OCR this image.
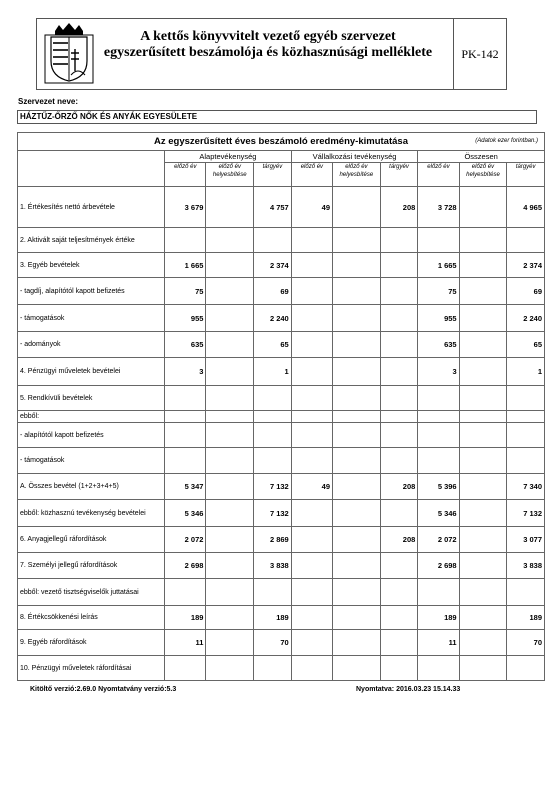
A kettős könyvvitelt vezető egyéb szervezet
egyszerűsített beszámolója és közhasznúsági melléklete	PK-142
Szervezet neve:
HÁZTŰZ-ŐRZŐ NŐK ÉS ANYÁK EGYESÜLETE
Az egyszerűsített éves beszámoló eredmény-kimutatása (Adatok ezer forintban.)									

	Alaptevékenység			Vállalkozási tevékenység			Összesen		
	előző év	előző év helyesbítése	tárgyév	előző év	előző év helyesbítése	tárgyév	előző év	előző év helyesbítése	tárgyév
1. Értékesítés nettó árbevétele	3 679		4 757	49		208	3 728		4 965
2. Aktivált saját teljesítmények értéke									
3. Egyéb bevételek	1 665		2 374				1 665		2 374
- tagdíj, alapítótól kapott befizetés	75		69				75		69
- támogatások	955		2 240				955		2 240
- adományok	635		65				635		65
4. Pénzügyi műveletek bevételei	3		1				3		1
5. Rendkívüli bevételek									
ebből:									
- alapítótól kapott befizetés									
- támogatások									
A. Összes bevétel (1+2+3+4+5)	5 347		7 132	49		208	5 396		7 340
ebből: közhasznú tevékenység bevételei	5 346		7 132				5 346		7 132
6. Anyagjellegű ráfordítások	2 072		2 869			208	2 072		3 077
7. Személyi jellegű ráfordítások	2 698		3 838				2 698		3 838
ebből: vezető tisztségviselők juttatásai									
8. Értékcsökkenési leírás	189		189				189		189
9. Egyéb ráfordítások	11		70				11		70
10. Pénzügyi műveletek ráfordításai									
Kitöltő verzió:2.69.0 Nyomtatvány verzió:5.3	Nyomtatva: 2016.03.23 15.14.33
